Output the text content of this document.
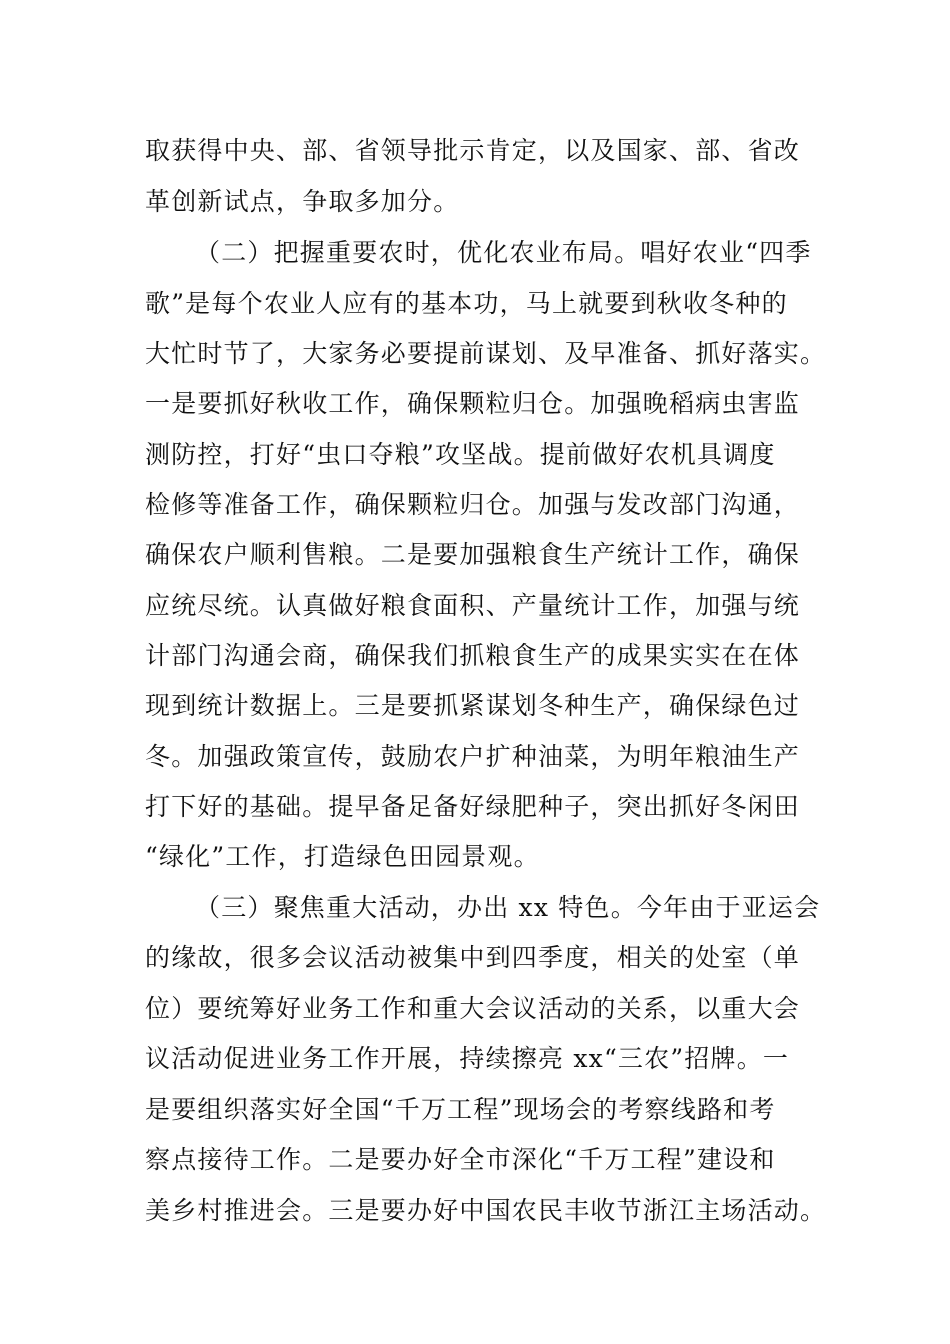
取获得中央、部、省领导批示肯定，以及国家、部、省改
革创新试点，争取多加分。
（二）把握重要农时，优化农业布局。唱好农业“四季
歌”是每个农业人应有的基本功，马上就要到秋收冬种的
大忙时节了，大家务必要提前谋划、及早准备、抓好落实。
一是要抓好秋收工作，确保颗粒归仓。加强晚稻病虫害监
测防控，打好“虫口夺粮”攻坚战。提前做好农机具调度
检修等准备工作，确保颗粒归仓。加强与发改部门沟通，
确保农户顺利售粮。二是要加强粮食生产统计工作，确保
应统尽统。认真做好粮食面积、产量统计工作，加强与统
计部门沟通会商，确保我们抓粮食生产的成果实实在在体
现到统计数据上。三是要抓紧谋划冬种生产，确保绿色过
冬。加强政策宣传，鼓励农户扩种油菜，为明年粮油生产
打下好的基础。提早备足备好绿肥种子，突出抓好冬闲田
“绿化”工作，打造绿色田园景观。
（三）聚焦重大活动，办出 xx 特色。今年由于亚运会
的缘故，很多会议活动被集中到四季度，相关的处室（单
位）要统筹好业务工作和重大会议活动的关系，以重大会
议活动促进业务工作开展，持续擦亮 xx“三农”招牌。一
是要组织落实好全国“千万工程”现场会的考察线路和考
察点接待工作。二是要办好全市深化“千万工程”建设和
美乡村推进会。三是要办好中国农民丰收节浙江主场活动。
